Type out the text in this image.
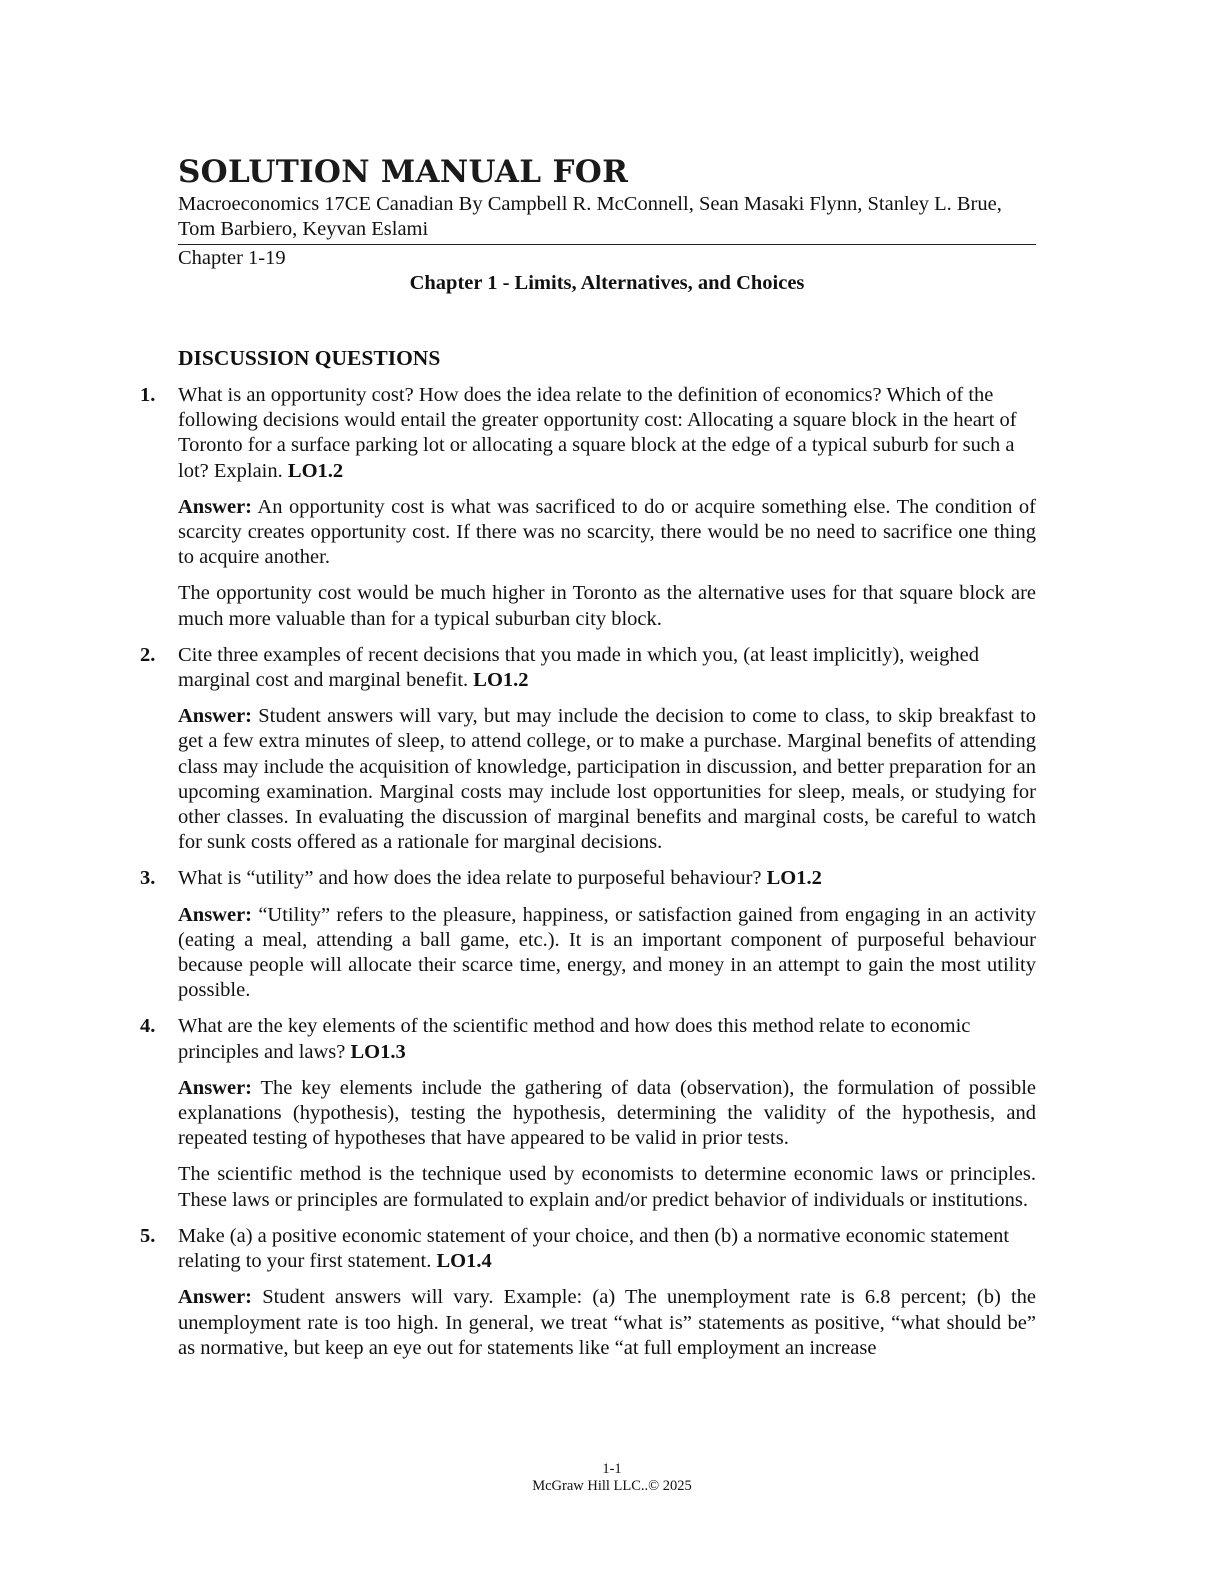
SOLUTION MANUAL FOR
Macroeconomics 17CE Canadian By Campbell R. McConnell, Sean Masaki Flynn, Stanley L. Brue, Tom Barbiero, Keyvan Eslami
Chapter 1-19
Chapter 1 - Limits, Alternatives, and Choices
DISCUSSION QUESTIONS
1. What is an opportunity cost? How does the idea relate to the definition of economics? Which of the following decisions would entail the greater opportunity cost: Allocating a square block in the heart of Toronto for a surface parking lot or allocating a square block at the edge of a typical suburb for such a lot? Explain. LO1.2
Answer: An opportunity cost is what was sacrificed to do or acquire something else. The condition of scarcity creates opportunity cost. If there was no scarcity, there would be no need to sacrifice one thing to acquire another.
The opportunity cost would be much higher in Toronto as the alternative uses for that square block are much more valuable than for a typical suburban city block.
2. Cite three examples of recent decisions that you made in which you, (at least implicitly), weighed marginal cost and marginal benefit. LO1.2
Answer: Student answers will vary, but may include the decision to come to class, to skip breakfast to get a few extra minutes of sleep, to attend college, or to make a purchase. Marginal benefits of attending class may include the acquisition of knowledge, participation in discussion, and better preparation for an upcoming examination. Marginal costs may include lost opportunities for sleep, meals, or studying for other classes. In evaluating the discussion of marginal benefits and marginal costs, be careful to watch for sunk costs offered as a rationale for marginal decisions.
3. What is “utility” and how does the idea relate to purposeful behaviour? LO1.2
Answer: “Utility” refers to the pleasure, happiness, or satisfaction gained from engaging in an activity (eating a meal, attending a ball game, etc.). It is an important component of purposeful behaviour because people will allocate their scarce time, energy, and money in an attempt to gain the most utility possible.
4. What are the key elements of the scientific method and how does this method relate to economic principles and laws? LO1.3
Answer: The key elements include the gathering of data (observation), the formulation of possible explanations (hypothesis), testing the hypothesis, determining the validity of the hypothesis, and repeated testing of hypotheses that have appeared to be valid in prior tests.
The scientific method is the technique used by economists to determine economic laws or principles. These laws or principles are formulated to explain and/or predict behavior of individuals or institutions.
5. Make (a) a positive economic statement of your choice, and then (b) a normative economic statement relating to your first statement. LO1.4
Answer: Student answers will vary. Example: (a) The unemployment rate is 6.8 percent; (b) the unemployment rate is too high. In general, we treat “what is” statements as positive, “what should be” as normative, but keep an eye out for statements like “at full employment an increase
1-1
McGraw Hill LLC..© 2025
